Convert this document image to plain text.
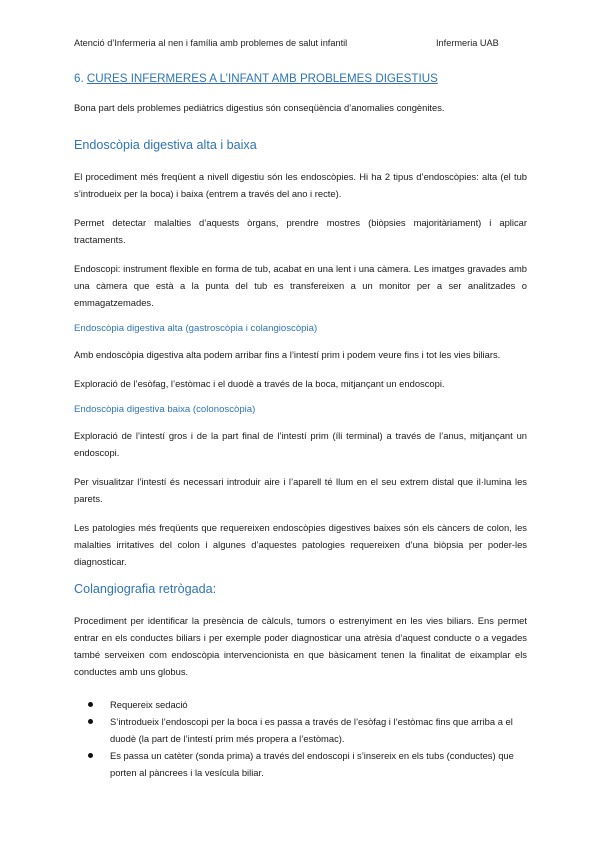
Atenció d’Infermeria al nen i família amb problemes de salut infantil	Infermeria UAB
6. CURES INFERMERES A L’INFANT AMB PROBLEMES DIGESTIUS

Bona part dels problemes pediàtrics digestius són conseqüència d’anomalies congènites.

Endoscòpia digestiva alta i baixa

El procediment més freqüent a nivell digestiu són les endoscòpies. Hi ha 2 tipus d’endoscòpies: alta (el tub s’introdueix per la boca) i baixa (entrem a través del ano i recte).

Permet detectar malalties d’aquests òrgans, prendre mostres (biòpsies majoritàriament) i aplicar tractaments.

Endoscopi: instrument flexible en forma de tub, acabat en una lent i una càmera. Les imatges gravades amb una càmera que està a la punta del tub es transfereixen a un monitor per a ser analitzades o emmagatzemades.

Endoscòpia digestiva alta (gastroscòpia i colangioscòpia)

Amb endoscòpia digestiva alta podem arribar fins a l’intestí prim i podem veure fins i tot les vies biliars.

Exploració de l’esòfag, l’estòmac i el duodè a través de la boca, mitjançant un endoscopi.

Endoscòpia digestiva baixa (colonoscòpia)

Exploració de l’intestí gros i de la part final de l’intestí prim (íli terminal) a través de l’anus, mitjançant un endoscopi.

Per visualitzar l’intestí és necessari introduir aire i l’aparell té llum en el seu extrem distal que il·lumina les parets.

Les patologies més freqüents que requereixen endoscòpies digestives baixes són els càncers de colon, les malalties irritatives del colon i algunes d’aquestes patologies requereixen d’una biòpsia per poder-les diagnosticar.

Colangiografia retrògada:

Procediment per identificar la presència de càlculs, tumors o estrenyiment en les vies biliars. Ens permet entrar en els conductes biliars i per exemple poder diagnosticar una atrèsia d’aquest conducte o a vegades també serveixen com endoscòpia intervencionista en que bàsicament tenen la finalitat de eixamplar els conductes amb uns globus.

Requereix sedació
S’introdueix l’endoscopi per la boca i es passa a través de l’esòfag i l’estòmac fins que arriba a el duodè (la part de l’intestí prim més propera a l’estòmac).
Es passa un catèter (sonda prima) a través del endoscopi i s’insereix en els tubs (conductes) que porten al pàncrees i la vesícula biliar.
